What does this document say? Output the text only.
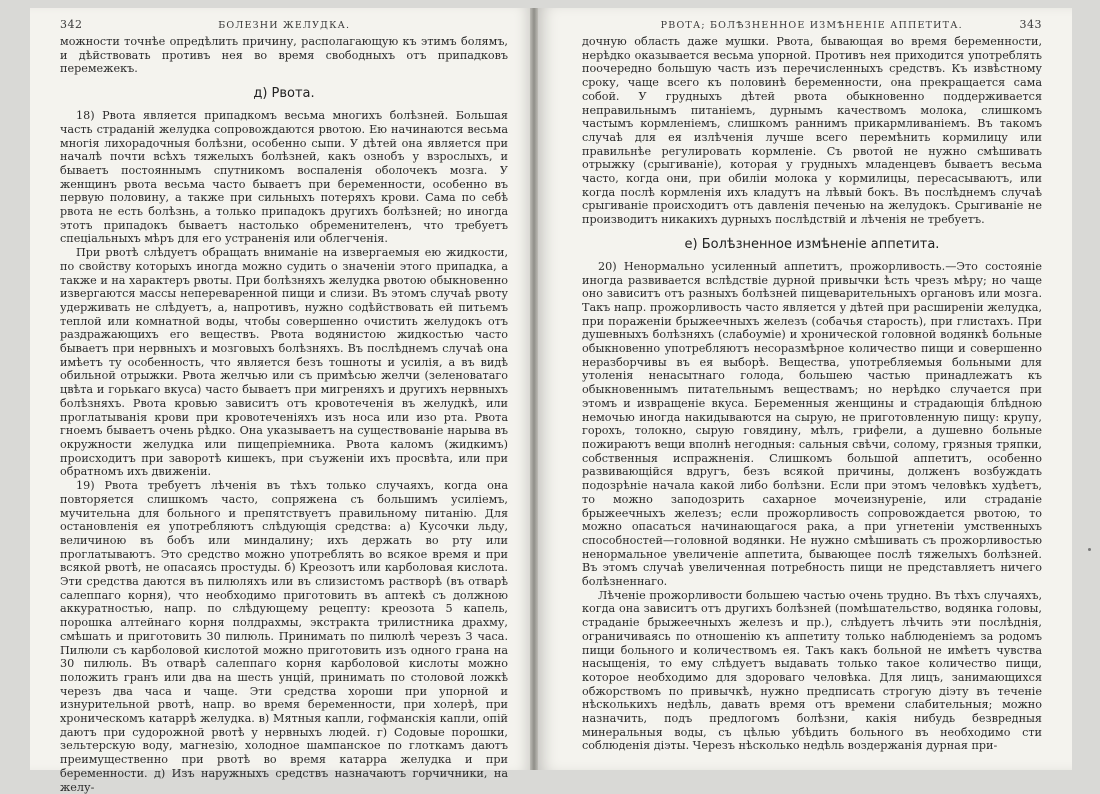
342	БОЛЕЗНИ ЖЕЛУДКА.

можности точнѣе опредѣлить причину, располагающую къ этимъ болямъ, и дѣйствовать противъ нея во время свободныхъ отъ припадковъ перемежекъ.

д) Рвота.

18) Рвота является припадкомъ весьма многихъ болѣзней. Большая часть страданій желудка сопровождаются рвотою. Ею начинаются весьма многія лихорадочныя болѣзни, особенно сыпи. У дѣтей она является при началѣ почти всѣхъ тяжелыхъ болѣзней, какъ ознобъ у взрослыхъ, и бываетъ постояннымъ спутникомъ воспаленія оболочекъ мозга. У женщинъ рвота весьма часто бываетъ при беременности, особенно въ первую половину, а также при сильныхъ потеряхъ крови. Сама по себѣ рвота не есть болѣзнь, а только припадокъ другихъ болѣзней; но иногда этотъ припадокъ бываетъ настолько обременителенъ, что требуетъ спеціальныхъ мѣръ для его устраненія или облегченія.

При рвотѣ слѣдуетъ обращать вниманіе на извергаемыя ею жидкости, по свойству которыхъ иногда можно судить о значеніи этого припадка, а также и на характеръ рвоты. При болѣзняхъ желудка рвотою обыкновенно извергаются массы непереваренной пищи и слизи. Въ этомъ случаѣ рвоту удерживать не слѣдуетъ, а, напротивъ, нужно содѣйствовать ей питьемъ теплой или комнатной воды, чтобы совершенно очистить желудокъ отъ раздражающихъ его веществъ. Рвота водянистою жидкостью часто бываетъ при нервныхъ и мозговыхъ болѣзняхъ. Въ послѣднемъ случаѣ она имѣетъ ту особенность, что является безъ тошноты и усилія, а въ видѣ обильной отрыжки. Рвота желчью или съ примѣсью желчи (зеленоватаго цвѣта и горькаго вкуса) часто бываетъ при мигреняхъ и другихъ нервныхъ болѣзняхъ. Рвота кровью зависитъ отъ кровотеченія въ желудкѣ, или проглатыванія крови при кровотеченіяхъ изъ носа или изо рта. Рвота гноемъ бываетъ очень рѣдко. Она указываетъ на существованіе нарыва въ окружности желудка или пищепріемника. Рвота каломъ (жидкимъ) происходитъ при заворотѣ кишекъ, при съуженіи ихъ просвѣта, или при обратномъ ихъ движеніи.

19) Рвота требуетъ лѣченія въ тѣхъ только случаяхъ, когда она повторяется слишкомъ часто, сопряжена съ большимъ усиліемъ, мучительна для больного и препятствуетъ правильному питанію. Для остановленія ея употребляютъ слѣдующія средства: а) Кусочки льду, величиною въ бобъ или миндалину; ихъ держать во рту или проглатываютъ. Это средство можно употреблять во всякое время и при всякой рвотѣ, не опасаясь простуды. б) Креозотъ или карболовая кислота. Эти средства даются въ пилюляхъ или въ слизистомъ растворѣ (въ отварѣ салеппаго корня), что необходимо приготовить въ аптекѣ съ должною аккуратностью, напр. по слѣдующему рецепту: креозота 5 капель, порошка алтейнаго корня полдрахмы, экстракта трилистника драхму, смѣшать и приготовить 30 пилюль. Принимать по пилюлѣ черезъ 3 часа. Пилюли съ карболовой кислотой можно приготовить изъ одного грана на 30 пилюль. Въ отварѣ салеппаго корня карболовой кислоты можно положить гранъ или два на шесть унцій, принимать по столовой ложкѣ черезъ два часа и чаще. Эти средства хороши при упорной и изнурительной рвотѣ, напр. во время беременности, при холерѣ, при хроническомъ катаррѣ желудка. в) Мятныя капли, гофманскія капли, опій даютъ при судорожной рвотѣ у нервныхъ людей. г) Содовые порошки, зельтерскую воду, магнезію, холодное шампанское по глоткамъ даютъ преимущественно при рвотѣ во время катарра желудка и при беременности. д) Изъ наружныхъ средствъ назначаютъ горчичники, на желу-

РВОТА; БОЛѢЗНЕННОЕ ИЗМѢНЕНІЕ АППЕТИТА.	343

дочную область даже мушки. Рвота, бывающая во время беременности, нерѣдко оказывается весьма упорной. Противъ нея приходится употреблять поочередно большую часть изъ перечисленныхъ средствъ. Къ извѣстному сроку, чаще всего къ половинѣ беременности, она прекращается сама собой. У грудныхъ дѣтей рвота обыкновенно поддерживается неправильнымъ питаніемъ, дурнымъ качествомъ молока, слишкомъ частымъ кормленіемъ, слишкомъ раннимъ прикармливаніемъ. Въ такомъ случаѣ для ея излѣченія лучше всего перемѣнить кормилицу или правильнѣе регулировать кормленіе. Съ рвотой не нужно смѣшивать отрыжку (срыгиваніе), которая у грудныхъ младенцевъ бываетъ весьма часто, когда они, при обиліи молока у кормилицы, пересасываютъ, или когда послѣ кормленія ихъ кладутъ на лѣвый бокъ. Въ послѣднемъ случаѣ срыгиваніе происходитъ отъ давленія печенью на желудокъ. Срыгиваніе не производитъ никакихъ дурныхъ послѣдствій и лѣченія не требуетъ.

е) Болѣзненное измѣненіе аппетита.

20) Ненормально усиленный аппетитъ, прожорливость.—Это состояніе иногда развивается вслѣдствіе дурной привычки ѣсть чрезъ мѣру; но чаще оно зависитъ отъ разныхъ болѣзней пищеварительныхъ органовъ или мозга. Такъ напр. прожорливость часто является у дѣтей при расширеніи желудка, при пораженіи брыжеечныхъ железъ (собачья старость), при глистахъ. При душевныхъ болѣзняхъ (слабоуміе) и хронической головной водянкѣ больные обыкновенно употребляютъ несоразмѣрное количество пищи и совершенно неразборчивы въ ея выборѣ. Вещества, употребляемыя больными для утоленія ненасытнаго голода, большею частью принадлежатъ къ обыкновеннымъ питательнымъ веществамъ; но нерѣдко случается при этомъ и извращеніе вкуса. Беременныя женщины и страдающія блѣдною немочью иногда накидываются на сырую, не приготовленную пищу: крупу, горохъ, толокно, сырую говядину, мѣлъ, грифели, а душевно больные пожираютъ вещи вполнѣ негодныя: сальныя свѣчи, солому, грязныя тряпки, собственныя испражненія. Слишкомъ большой аппетитъ, особенно развивающійся вдругъ, безъ всякой причины, долженъ возбуждать подозрѣніе начала какой либо болѣзни. Если при этомъ человѣкъ худѣетъ, то можно заподозрить сахарное мочеизнуреніе, или страданіе брыжеечныхъ железъ; если прожорливость сопровождается рвотою, то можно опасаться начинающагося рака, а при угнетеніи умственныхъ способностей—головной водянки. Не нужно смѣшивать съ прожорливостью ненормальное увеличеніе аппетита, бывающее послѣ тяжелыхъ болѣзней. Въ этомъ случаѣ увеличенная потребность пищи не представляетъ ничего болѣзненнаго.

Лѣченіе прожорливости большею частью очень трудно. Въ тѣхъ случаяхъ, когда она зависитъ отъ другихъ болѣзней (помѣшательство, водянка головы, страданіе брыжеечныхъ железъ и пр.), слѣдуетъ лѣчить эти послѣднія, ограничиваясь по отношенію къ аппетиту только наблюденіемъ за родомъ пищи больного и количествомъ ея. Такъ какъ больной не имѣетъ чувства насыщенія, то ему слѣдуетъ выдавать только такое количество пищи, которое необходимо для здороваго человѣка. Для лицъ, занимающихся обжорствомъ по привычкѣ, нужно предписать строгую діэту въ теченіе нѣсколькихъ недѣль, давать время отъ времени слабительныя; можно назначить, подъ предлогомъ болѣзни, какія нибудь безвредныя минеральныя воды, съ цѣлью убѣдить больного въ необходимо сти соблюденія діэты. Черезъ нѣсколько недѣль воздержанія дурная при-
